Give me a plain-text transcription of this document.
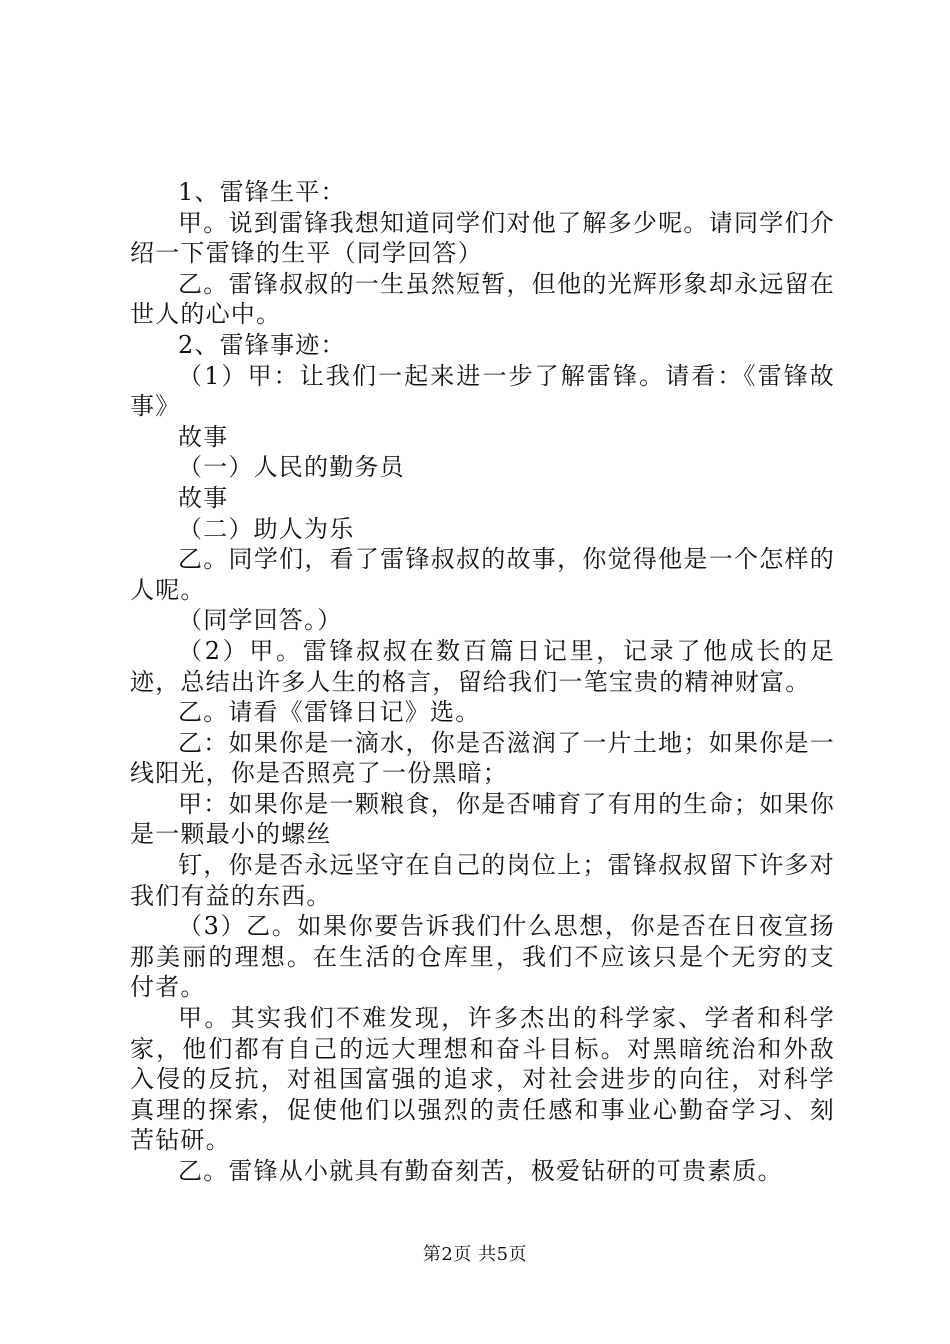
1、雷锋生平：

甲。说到雷锋我想知道同学们对他了解多少呢。请同学们介绍一下雷锋的生平（同学回答）

乙。雷锋叔叔的一生虽然短暂，但他的光辉形象却永远留在世人的心中。

2、雷锋事迹：

（1）甲：让我们一起来进一步了解雷锋。请看：《雷锋故事》

故事

（一）人民的勤务员

故事

（二）助人为乐

乙。同学们，看了雷锋叔叔的故事，你觉得他是一个怎样的人呢。

（同学回答。）

（2）甲。雷锋叔叔在数百篇日记里，记录了他成长的足迹，总结出许多人生的格言，留给我们一笔宝贵的精神财富。

乙。请看《雷锋日记》选。

乙：如果你是一滴水，你是否滋润了一片土地；如果你是一线阳光，你是否照亮了一份黑暗；

甲：如果你是一颗粮食，你是否哺育了有用的生命；如果你是一颗最小的螺丝

钉，你是否永远坚守在自己的岗位上；雷锋叔叔留下许多对我们有益的东西。

（3）乙。如果你要告诉我们什么思想，你是否在日夜宣扬那美丽的理想。在生活的仓库里，我们不应该只是个无穷的支付者。

甲。其实我们不难发现，许多杰出的科学家、学者和科学家，他们都有自己的远大理想和奋斗目标。对黑暗统治和外敌入侵的反抗，对祖国富强的追求，对社会进步的向往，对科学真理的探索，促使他们以强烈的责任感和事业心勤奋学习、刻苦钻研。

乙。雷锋从小就具有勤奋刻苦，极爱钻研的可贵素质。

第2页 共5页
